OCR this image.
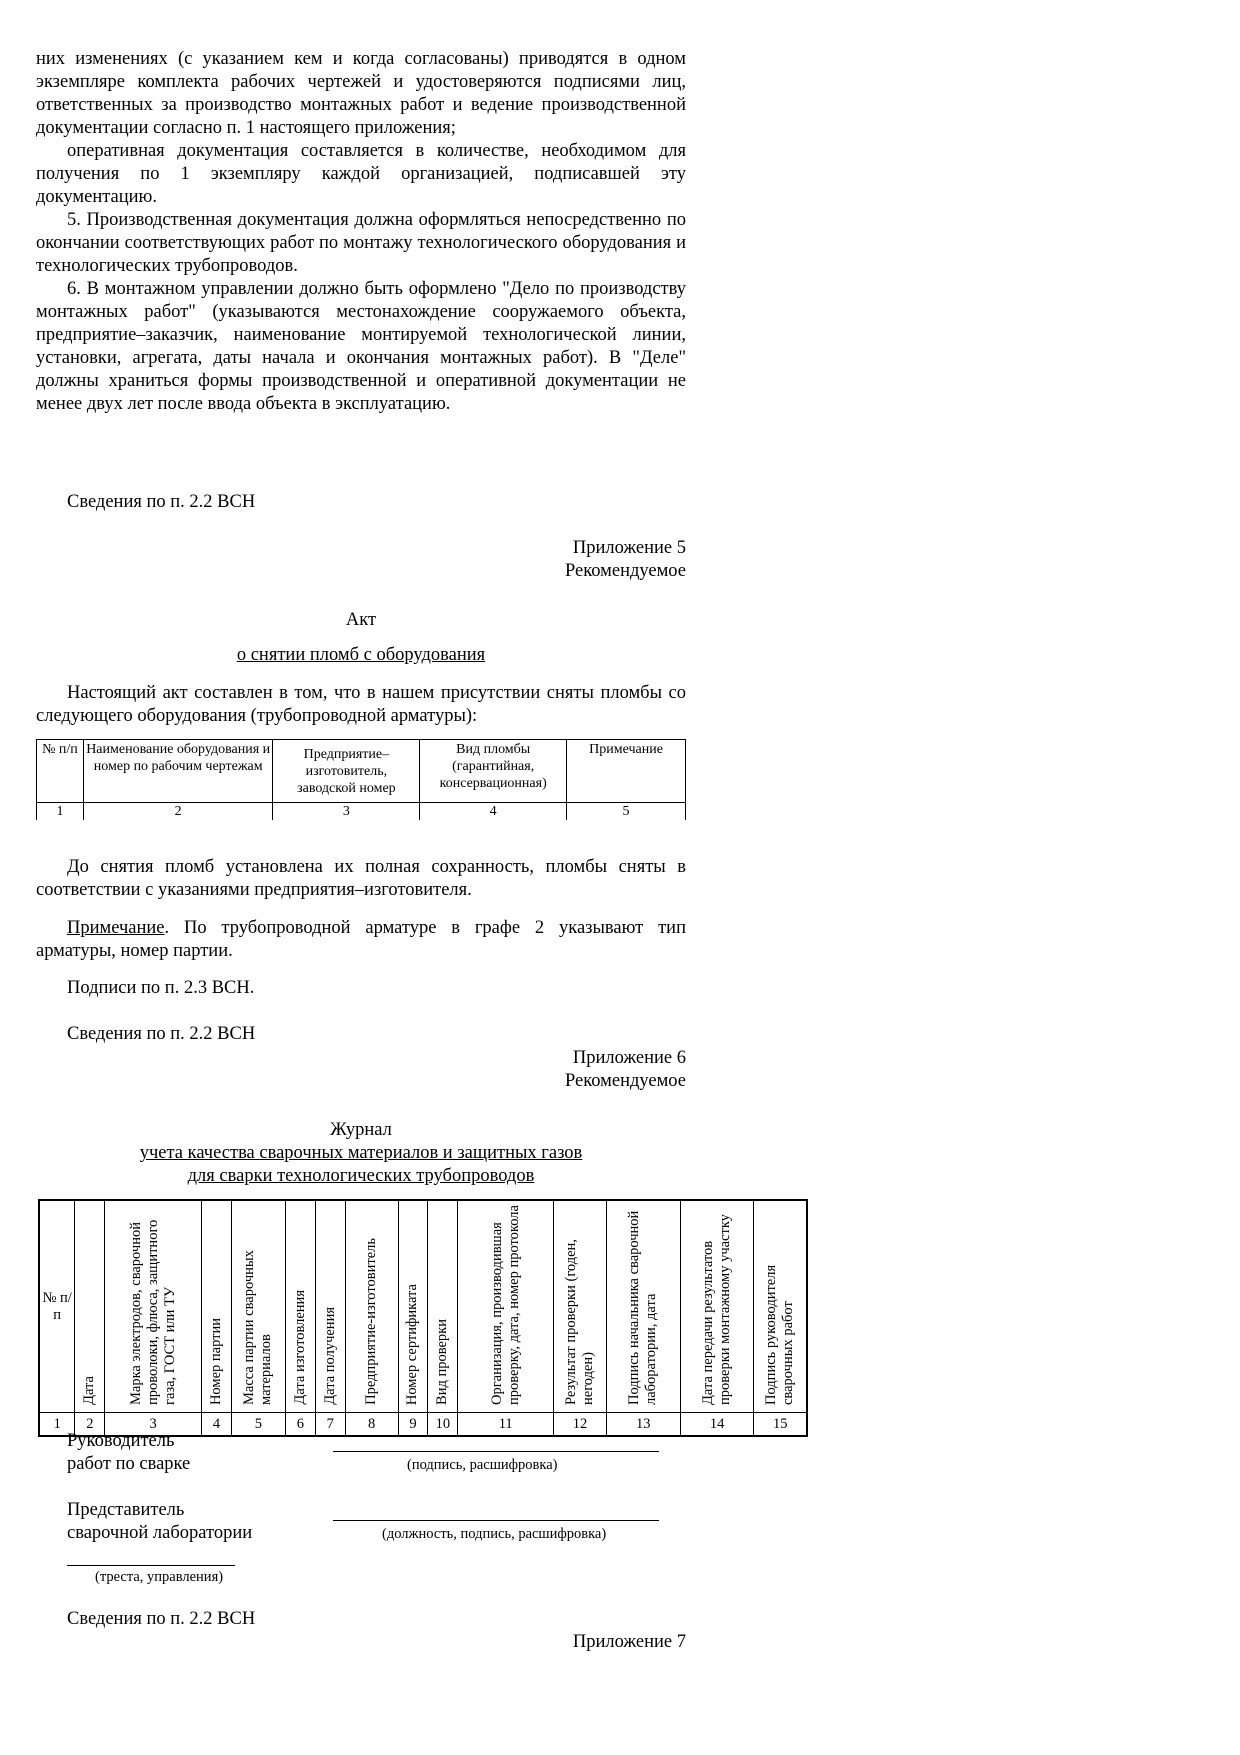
них изменениях (с указанием кем и когда согласованы) приводятся в одном экземпляре комплекта рабочих чертежей и удостоверяются подписями лиц, ответственных за производство монтажных работ и ведение производственной документации согласно п. 1 настоящего приложения;

оперативная документация составляется в количестве, необходимом для получения по 1 экземпляру каждой организацией, подписавшей эту документацию.

5. Производственная документация должна оформляться непосредственно по окончании соответствующих работ по монтажу технологического оборудования и технологических трубопроводов.

6. В монтажном управлении должно быть оформлено "Дело по производству монтажных работ" (указываются местонахождение сооружаемого объекта, предприятие–заказчик, наименование монтируемой технологической линии, установки, агрегата, даты начала и окончания монтажных работ). В "Деле" должны храниться формы производственной и оперативной документации не менее двух лет после ввода объекта в эксплуатацию.

Сведения по п. 2.2 ВСН

Приложение 5

Рекомендуемое

Акт

о снятии пломб с оборудования

Настоящий акт составлен в том, что в нашем присутствии сняты пломбы со следующего оборудования (трубопроводной арматуры):

№ п/п	Наименование оборудования и номер по рабочим чертежам	Предприятие–изготовитель, заводской номер	Вид пломбы (гарантийная, консервационная)	Примечание
1	2	3	4	5

До снятия пломб установлена их полная сохранность, пломбы сняты в соответствии с указаниями предприятия–изготовителя.

Примечание. По трубопроводной арматуре в графе 2 указывают тип арматуры, номер партии.

Подписи по п. 2.3 ВСН.

Сведения по п. 2.2 ВСН

Приложение 6

Рекомендуемое

Журнал

учета качества сварочных материалов и защитных газов

для сварки технологических трубопроводов

№ п/п	Дата	Марка электродов, сварочной проволоки, флюса, защитного газа, ГОСТ или ТУ	Номер партии	Масса партии сварочных материалов	Дата изготовления	Дата получения	Предприятие-изготовитель	Номер сертификата	Вид проверки	Организация, производившая проверку, дата, номер протокола	Результат проверки (годен, негоден)	Подпись начальника сварочной лаборатории, дата	Дата передачи результатов проверки монтажному участку	Подпись руководителя сварочных работ
1	2	3	4	5	6	7	8	9	10	11	12	13	14	15
Руководитель
работ по сварке	(подпись, расшифровка)
Представитель
сварочной лаборатории	(должность, подпись, расшифровка)
(треста, управления)

Сведения по п. 2.2 ВСН

Приложение 7
